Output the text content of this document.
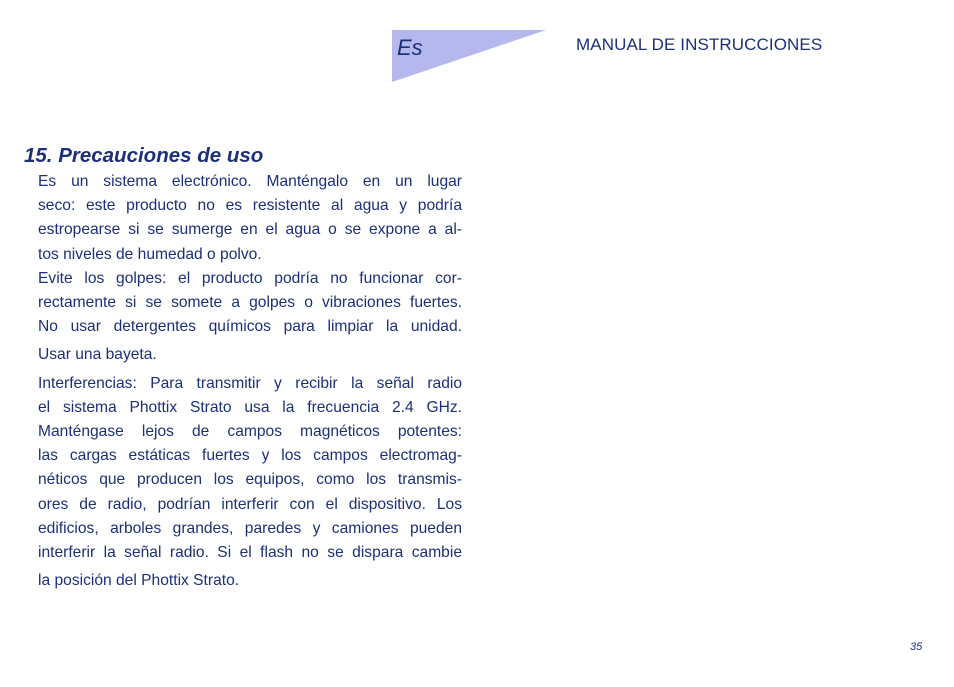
Es	MANUAL DE INSTRUCCIONES
15. Precauciones de uso
Es un sistema electrónico. Manténgalo en un lugar
seco: este producto no es resistente al agua y podría
estropearse si se sumerge en el agua o se expone a al-
tos niveles de humedad o polvo.
Evite los golpes: el producto podría no funcionar cor-
rectamente si se somete a golpes o vibraciones fuertes.
No usar detergentes químicos para limpiar la unidad.
Usar una bayeta.
Interferencias: Para transmitir y recibir la señal radio
el sistema Phottix Strato usa la frecuencia 2.4 GHz.
Manténgase lejos de campos magnéticos potentes:
las cargas estáticas fuertes y los campos electromag-
néticos que producen los equipos, como los transmis-
ores de radio, podrían interferir con el dispositivo. Los
edificios, arboles grandes, paredes y camiones pueden
interferir la señal radio. Si el flash no se dispara cambie
la posición del Phottix Strato.
35
